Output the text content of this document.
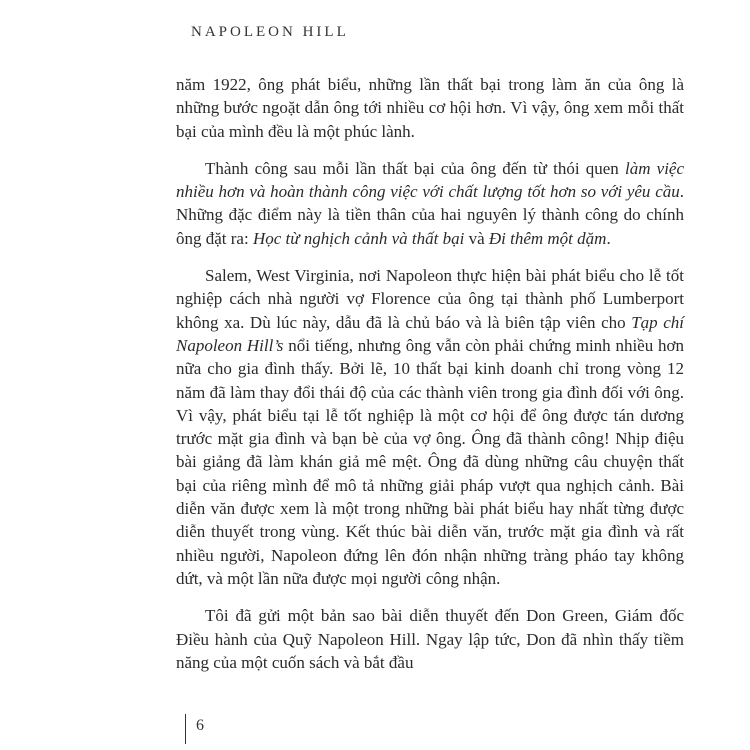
NAPOLEON HILL

năm 1922, ông phát biểu, những lần thất bại trong làm ăn của ông là những bước ngoặt dẫn ông tới nhiều cơ hội hơn. Vì vậy, ông xem mỗi thất bại của mình đều là một phúc lành.

Thành công sau mỗi lần thất bại của ông đến từ thói quen làm việc nhiều hơn và hoàn thành công việc với chất lượng tốt hơn so với yêu cầu. Những đặc điểm này là tiền thân của hai nguyên lý thành công do chính ông đặt ra: Học từ nghịch cảnh và thất bại và Đi thêm một dặm.

Salem, West Virginia, nơi Napoleon thực hiện bài phát biểu cho lễ tốt nghiệp cách nhà người vợ Florence của ông tại thành phố Lumberport không xa. Dù lúc này, dẫu đã là chủ báo và là biên tập viên cho Tạp chí Napoleon Hill’s nổi tiếng, nhưng ông vẫn còn phải chứng minh nhiều hơn nữa cho gia đình thấy. Bởi lẽ, 10 thất bại kinh doanh chỉ trong vòng 12 năm đã làm thay đổi thái độ của các thành viên trong gia đình đối với ông. Vì vậy, phát biểu tại lễ tốt nghiệp là một cơ hội để ông được tán dương trước mặt gia đình và bạn bè của vợ ông. Ông đã thành công! Nhịp điệu bài giảng đã làm khán giả mê mệt. Ông đã dùng những câu chuyện thất bại của riêng mình để mô tả những giải pháp vượt qua nghịch cảnh. Bài diễn văn được xem là một trong những bài phát biểu hay nhất từng được diễn thuyết trong vùng. Kết thúc bài diễn văn, trước mặt gia đình và rất nhiều người, Napoleon đứng lên đón nhận những tràng pháo tay không dứt, và một lần nữa được mọi người công nhận.

Tôi đã gửi một bản sao bài diễn thuyết đến Don Green, Giám đốc Điều hành của Quỹ Napoleon Hill. Ngay lập tức, Don đã nhìn thấy tiềm năng của một cuốn sách và bắt đầu

6
